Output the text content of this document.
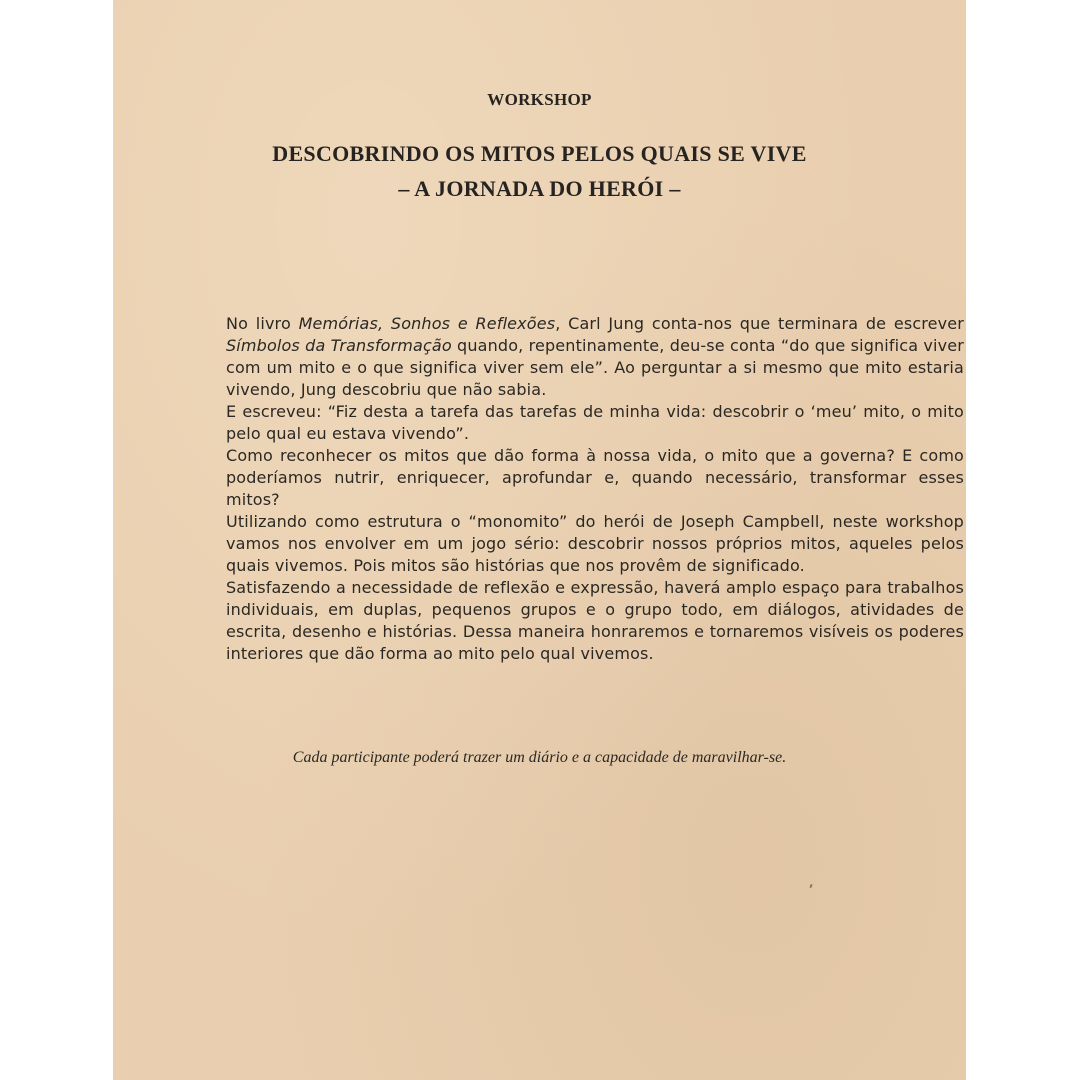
WORKSHOP
DESCOBRINDO OS MITOS PELOS QUAIS SE VIVE
– A JORNADA DO HERÓI –

No livro Memórias, Sonhos e Reflexões, Carl Jung conta-nos que terminara de escrever Símbolos da Transformação quando, repentinamente, deu-se conta “do que significa viver com um mito e o que significa viver sem ele”. Ao perguntar a si mesmo que mito estaria vivendo, Jung descobriu que não sabia.

E escreveu: “Fiz desta a tarefa das tarefas de minha vida: descobrir o ‘meu’ mito, o mito pelo qual eu estava vivendo”.

Como reconhecer os mitos que dão forma à nossa vida, o mito que a governa? E como poderíamos nutrir, enriquecer, aprofundar e, quando necessário, transformar esses mitos?

Utilizando como estrutura o “monomito” do herói de Joseph Campbell, neste workshop vamos nos envolver em um jogo sério: descobrir nossos próprios mitos, aqueles pelos quais vivemos. Pois mitos são histórias que nos provêm de significado.

Satisfazendo a necessidade de reflexão e expressão, haverá amplo espaço para trabalhos individuais, em duplas, pequenos grupos e o grupo todo, em diálogos, atividades de escrita, desenho e histórias. Dessa maneira honraremos e tornaremos visíveis os poderes interiores que dão forma ao mito pelo qual vivemos.

Cada participante poderá trazer um diário e a capacidade de maravilhar-se.
